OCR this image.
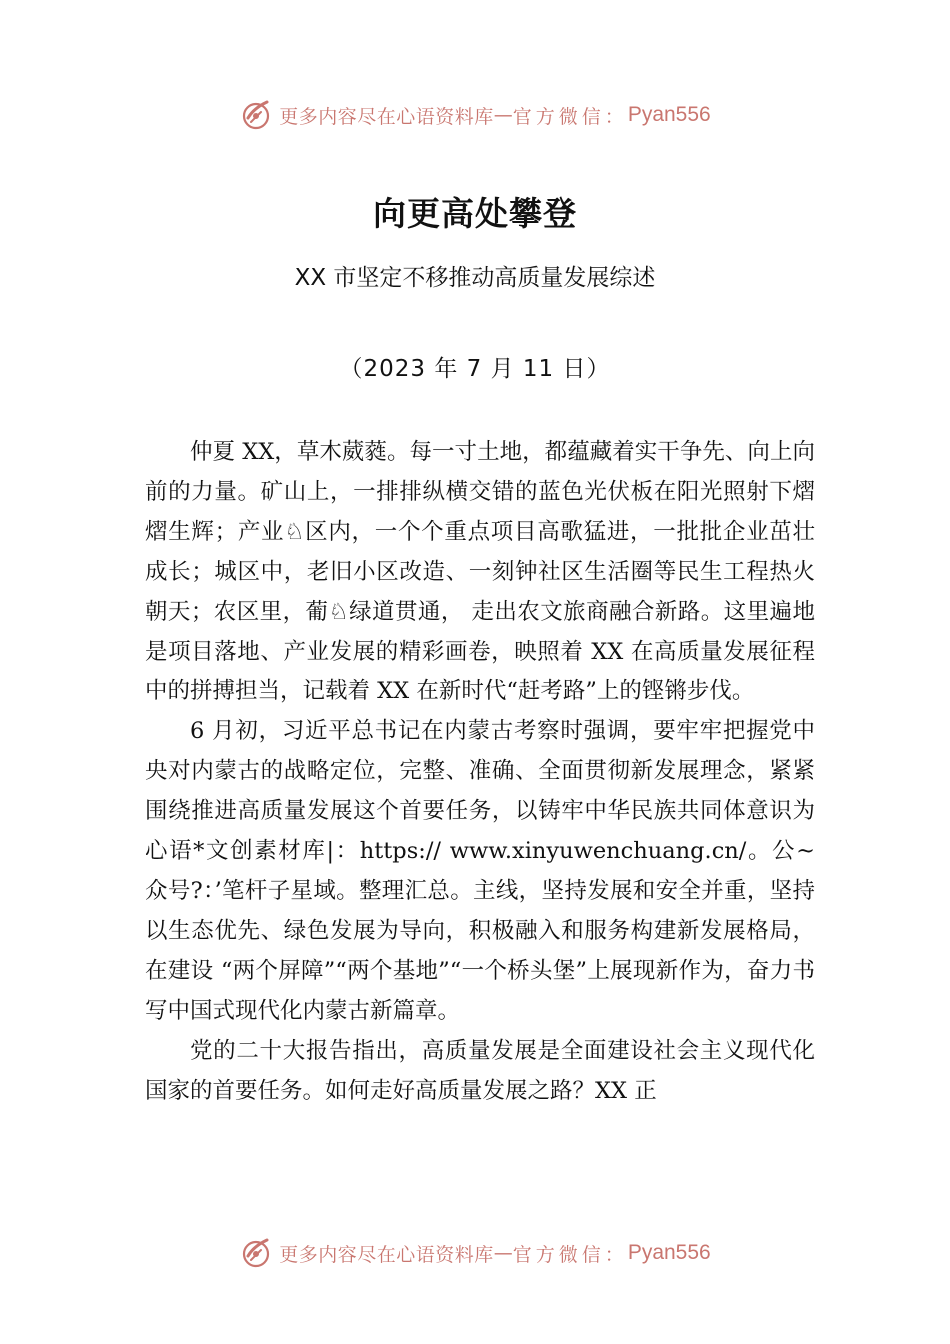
更多内容尽在心语资料库 — 官方微信： Pyan556
向更高处攀登
XX 市坚定不移推动高质量发展综述
（2023 年 7 月 11 日）

仲夏 XX，草木葳蕤。每一寸土地，都蕴藏着实干争先、向上向前的力量。矿山上，一排排纵横交错的蓝色光伏板在阳光照射下熠熠生辉；产业♘区内，一个个重点项目高歌猛进，一批批企业茁壮成长；城区中，老旧小区改造、一刻钟社区生活圈等民生工程热火朝天；农区里，葡♘绿道贯通， 走出农文旅商融合新路。这里遍地是项目落地、产业发展的精彩画卷，映照着 XX 在高质量发展征程中的拼搏担当，记载着 XX 在新时代“赶考路”上的铿锵步伐。

6 月初，习近平总书记在内蒙古考察时强调，要牢牢把握党中央对内蒙古的战略定位，完整、准确、全面贯彻新发展理念，紧紧围绕推进高质量发展这个首要任务，以铸牢中华民族共同体意识为心语*文创素材库|：https:// www.xinyuwenchuang.cn/。公~众号?：’笔杆子星域。整理汇总。主线，坚持发展和安全并重，坚持以生态优先、绿色发展为导向，积极融入和服务构建新发展格局， 在建设 “两个屏障”“两个基地”“一个桥头堡”上展现新作为，奋力书写中国式现代化内蒙古新篇章。

党的二十大报告指出，高质量发展是全面建设社会主义现代化国家的首要任务。如何走好高质量发展之路？XX 正

更多内容尽在心语资料库 — 官方微信： Pyan556
